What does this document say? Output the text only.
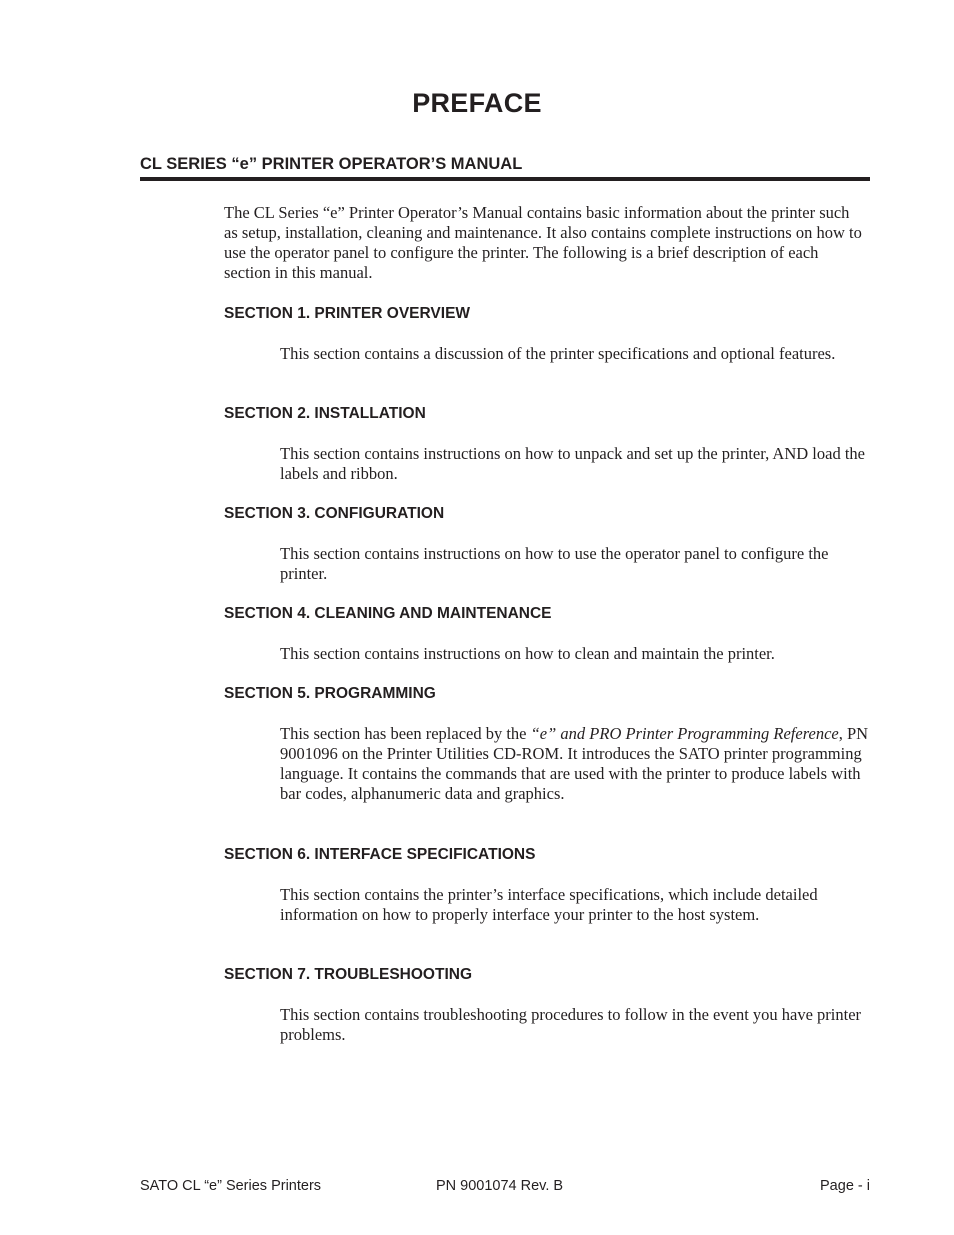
PREFACE
CL SERIES “e” PRINTER OPERATOR’S MANUAL

The CL Series “e” Printer Operator’s Manual contains basic information about the printer such as setup, installation, cleaning and maintenance. It also contains complete instructions on how to use the operator panel to configure the printer. The following is a brief description of each section in this manual.

SECTION 1. PRINTER OVERVIEW

This section contains a discussion of the printer specifications and optional features.

SECTION 2. INSTALLATION

This section contains instructions on how to unpack and set up the printer, AND load the labels and ribbon.

SECTION 3. CONFIGURATION

This section contains instructions on how to use the operator panel to configure the printer.

SECTION 4. CLEANING AND MAINTENANCE

This section contains instructions on how to clean and maintain the printer.

SECTION 5. PROGRAMMING

This section has been replaced by the “e” and PRO Printer Programming Reference, PN 9001096 on the Printer Utilities CD-ROM. It introduces the SATO printer programming language. It contains the commands that are used with the printer to produce labels with bar codes, alphanumeric data and graphics.

SECTION 6. INTERFACE SPECIFICATIONS

This section contains the printer’s interface specifications, which include detailed information on how to properly interface your printer to the host system.

SECTION 7. TROUBLESHOOTING

This section contains troubleshooting procedures to follow in the event you have printer problems.

SATO CL “e” Series Printers	PN 9001074 Rev. B	Page - i
